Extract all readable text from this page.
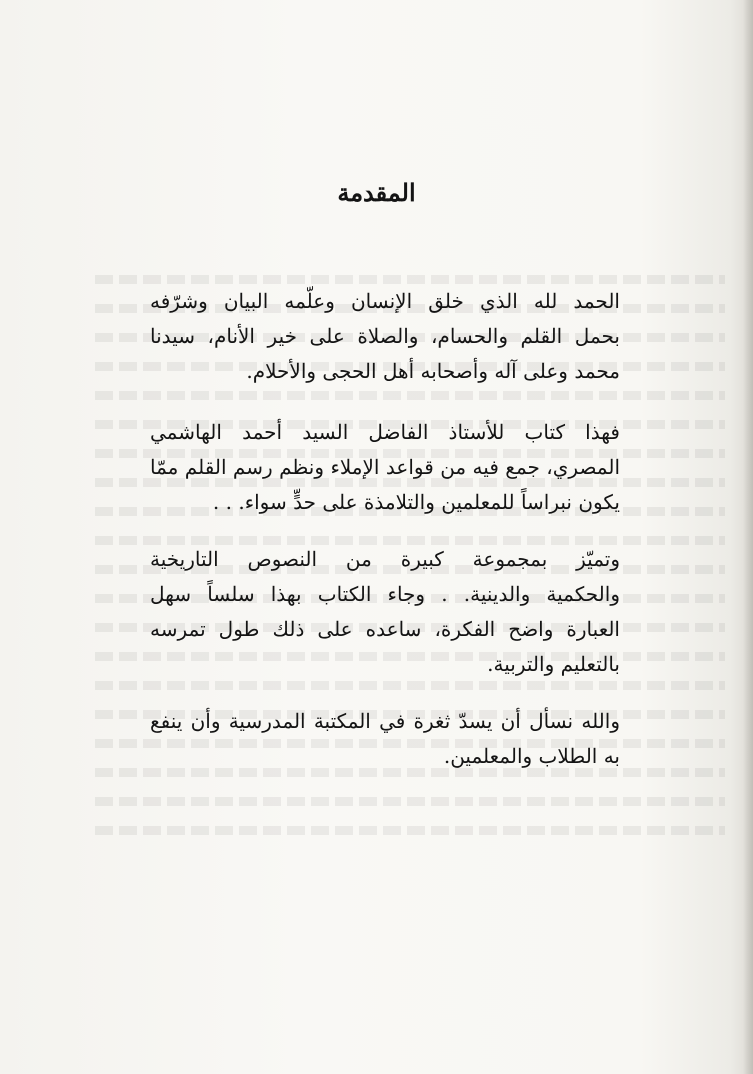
المقدمة
الحمد لله الذي خلق الإنسان وعلّمه البيان وشرّفه
بحمل القلم والحسام، والصلاة على خير الأنام، سيدنا
محمد وعلى آله وأصحابه أهل الحجى والأحلام.
فهذا كتاب للأستاذ الفاضل السيد أحمد الهاشمي
المصري، جمع فيه من قواعد الإملاء ونظم رسم القلم ممّا
يكون نبراساً للمعلمين والتلامذة على حدٍّ سواء. . .
وتميّز بمجموعة كبيرة من النصوص التاريخية
والحكمية والدينية. . وجاء الكتاب بهذا سلساً سهل
العبارة واضح الفكرة، ساعده على ذلك طول تمرسه
بالتعليم والتربية.
والله نسأل أن يسدّ ثغرة في المكتبة المدرسية وأن ينفع
به الطلاب والمعلمين.
